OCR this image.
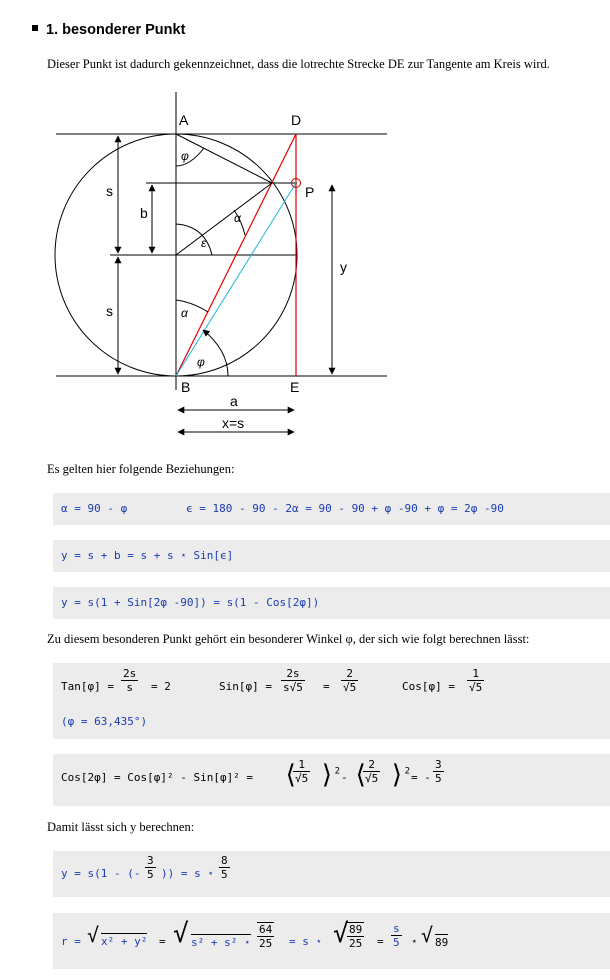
1. besonderer Punkt
Dieser Punkt ist dadurch gekennzeichnet, dass die lotrechte Strecke DE zur Tangente am Kreis wird.
A	D
B	E
P
s
s
b
y
a
x=s
φ
α
ε
α
φ
Es gelten hier folgende Beziehungen:
α = 90 - φ	ϵ = 180 - 90 - 2α = 90 - 90 + φ -90 + φ = 2φ -90
y = s + b = s + s ⋆ Sin[ϵ]
y = s(1 + Sin[2φ -90]) = s(1 - Cos[2φ])
Zu diesem besonderen Punkt gehört ein besonderer Winkel φ, der sich wie folgt berechnen lässt:
$Tan[\varphi] = \frac{2s}{s} = 2$	$Sin[\varphi] = \frac{2s}{s√5} = \frac{2}{√5}$	$Cos[\varphi] = \frac{1}{√5}$
(φ = 63,435°)
Cos[2φ] = Cos[φ]² - Sin[φ]² = ⟨
$\frac{1}{√5}$ ⟩$^2$ - ⟨
$\frac{2}{√5}$ ⟩$^2$ = - $\frac{3}{5}$
Damit lässt sich y berechnen:
y = s(1 - (- $\frac{3}{5}$ )) = s ⋆ $\frac{8}{5}$
r = √ x² + y² = √ s² + s² ⋆ $\frac{64}{25} = s$ ⋆ √
$\frac{89}{25} = \frac{s}{5}$ ⋆ √ 89
